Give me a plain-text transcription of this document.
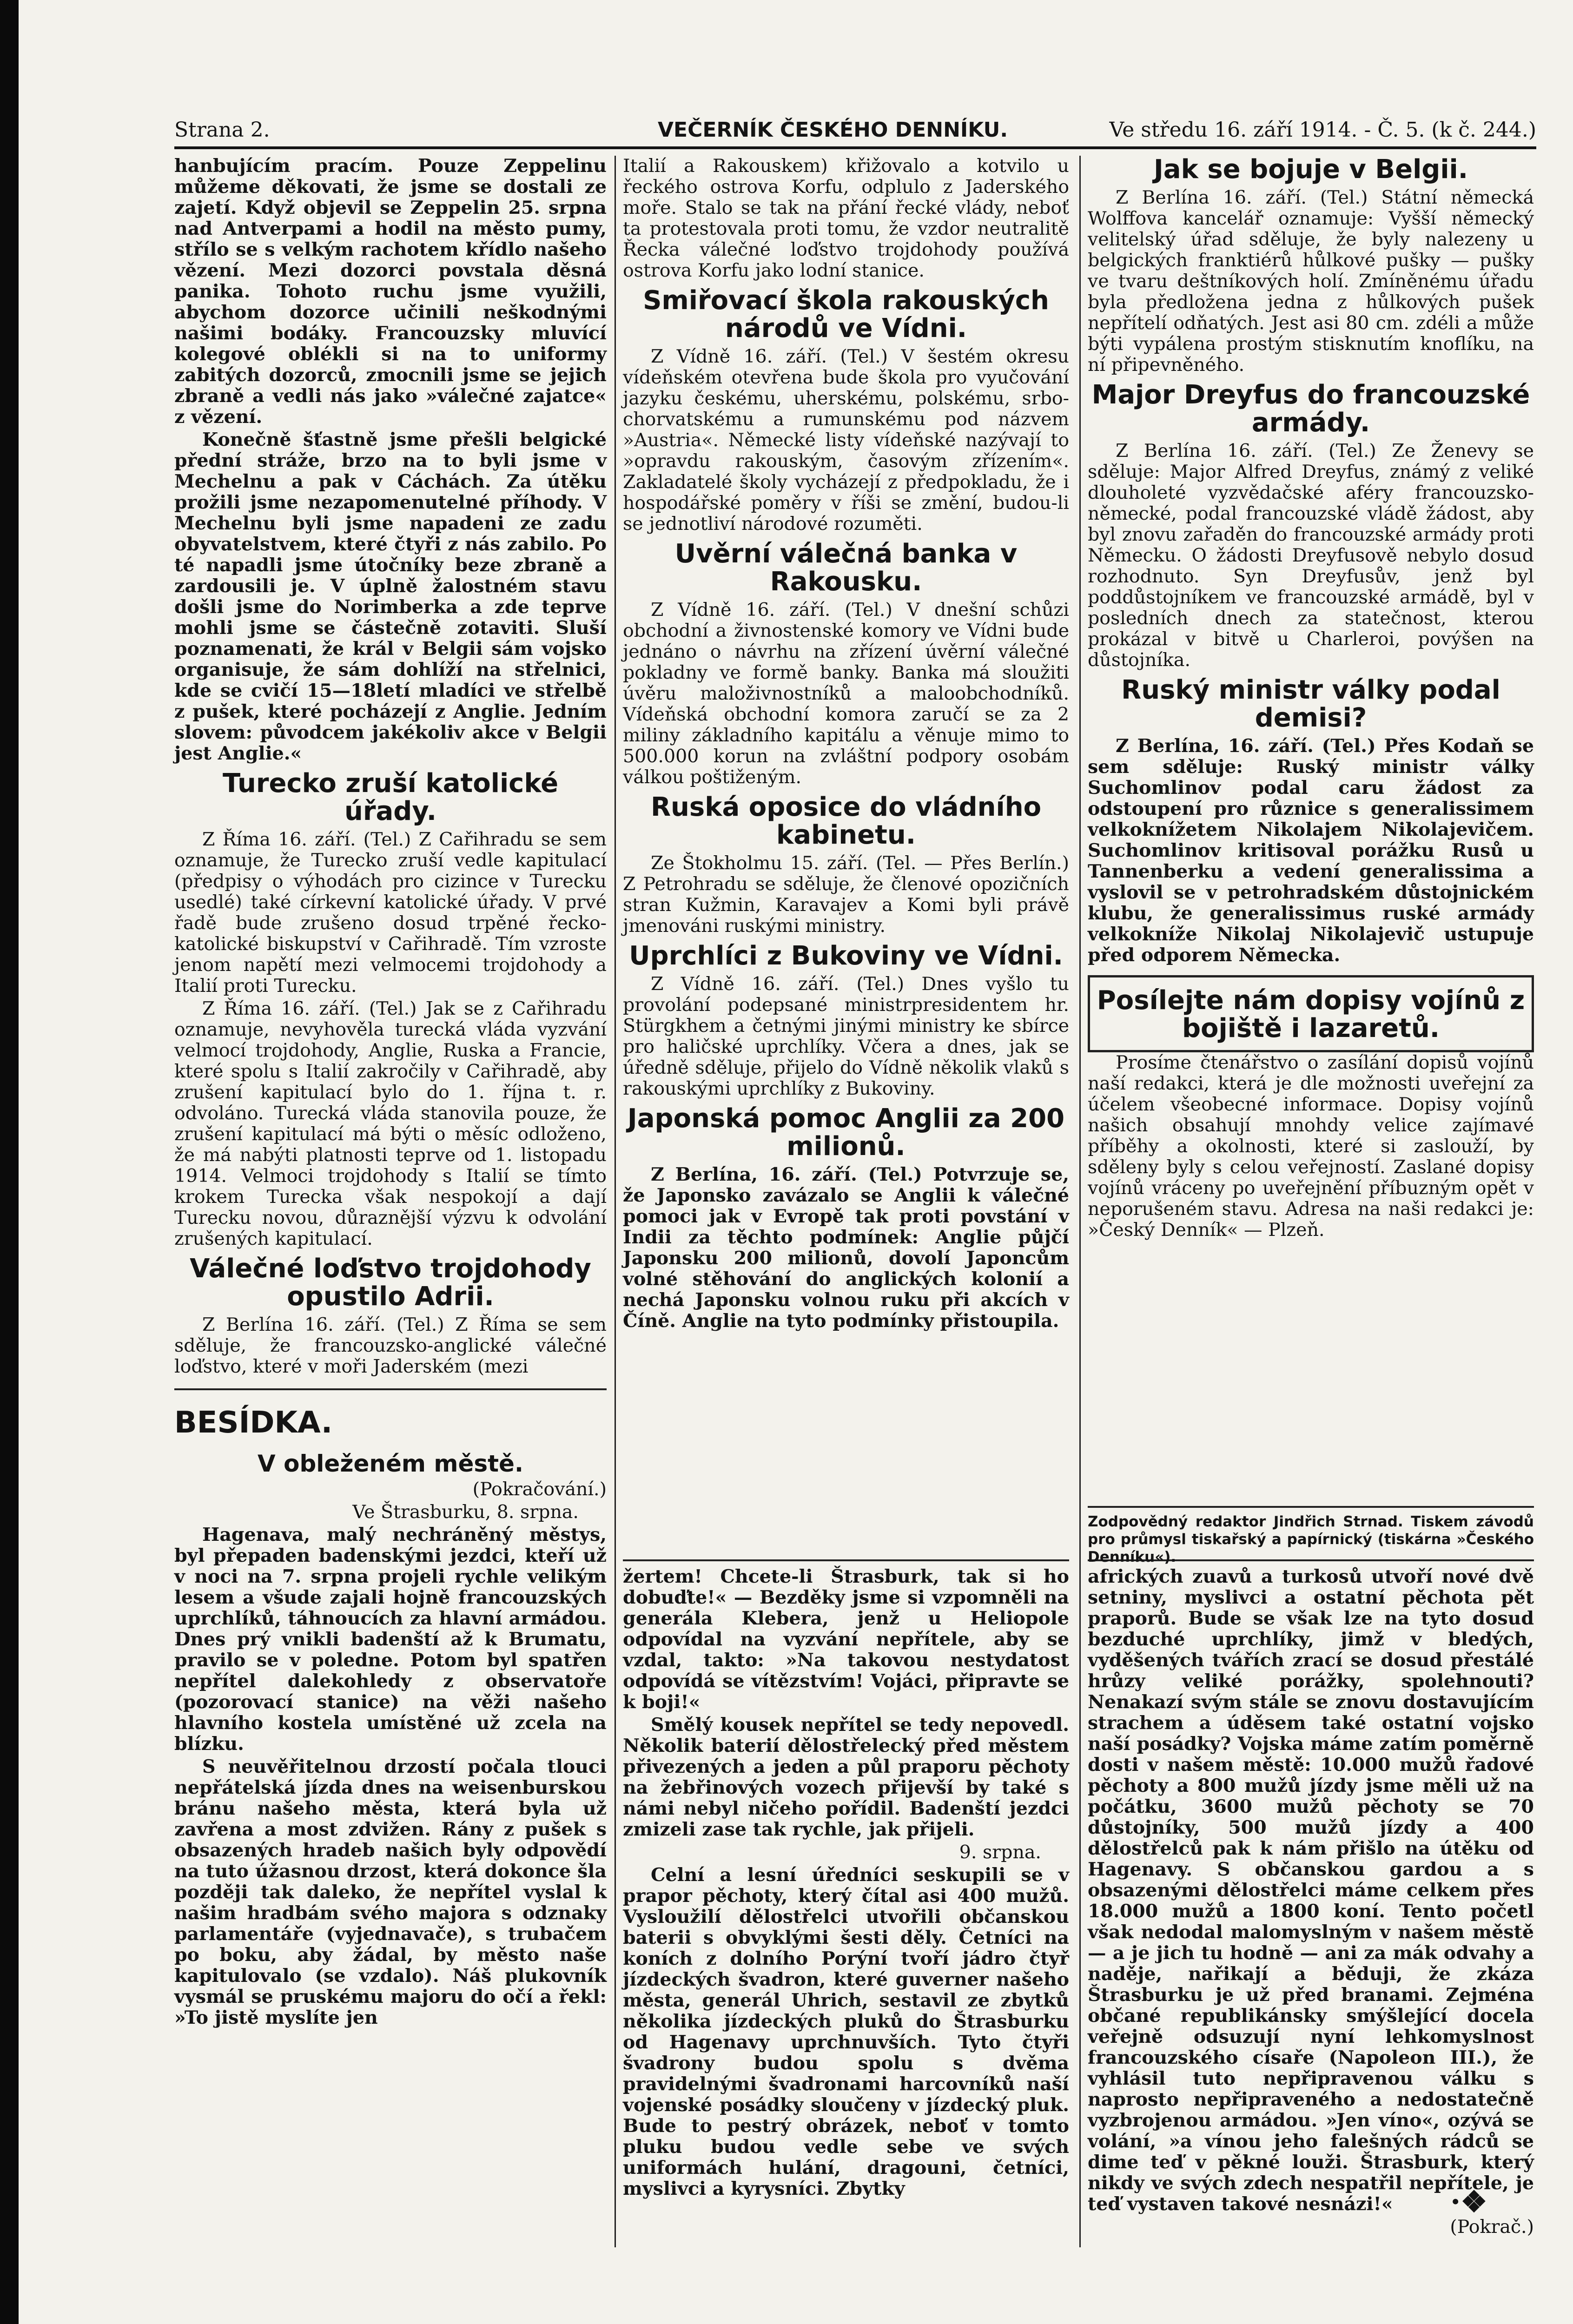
Strana 2.	VEČERNÍK ČESKÉHO DENNÍKU.	Ve středu 16. září 1914. - Č. 5. (k č. 244.)

hanbujícím pracím. Pouze Zeppelinu můžeme děkovati, že jsme se dostali ze zajetí. Když objevil se Zeppelin 25. srpna nad Antverpami a hodil na město pumy, střílo se s velkým rachotem křídlo našeho vězení. Mezi dozorci povstala děsná panika. Tohoto ruchu jsme využili, abychom dozorce učinili neškodnými našimi bodáky. Francouzsky mluvící kolegové oblékli si na to uniformy zabitých dozorců, zmocnili jsme se jejich zbraně a vedli nás jako »válečné zajatce« z vězení.

Konečně šťastně jsme přešli belgické přední stráže, brzo na to byli jsme v Mechelnu a pak v Cáchách. Za útěku prožili jsme nezapomenutelné příhody. V Mechelnu byli jsme napadeni ze zadu obyvatelstvem, které čtyři z nás zabilo. Po té napadli jsme útočníky beze zbraně a zardousili je. V úplně žalostném stavu došli jsme do Norimberka a zde teprve mohli jsme se částečně zotaviti. Sluší poznamenati, že král v Belgii sám vojsko organisuje, že sám dohlíží na střelnici, kde se cvičí 15—18letí mladíci ve střelbě z pušek, které pocházejí z Anglie. Jedním slovem: původcem jakékoliv akce v Belgii jest Anglie.«

Turecko zruší katolické úřady.

Z Říma 16. září. (Tel.) Z Cařihradu se sem oznamuje, že Turecko zruší vedle kapitulací (předpisy o výhodách pro cizince v Turecku usedlé) také církevní katolické úřady. V prvé řadě bude zrušeno dosud trpěné řecko-katolické biskupství v Cařihradě. Tím vzroste jenom napětí mezi velmocemi trojdohody a Italií proti Turecku.

Z Říma 16. září. (Tel.) Jak se z Cařihradu oznamuje, nevyhověla turecká vláda vyzvání velmocí trojdohody, Anglie, Ruska a Francie, které spolu s Italií zakročily v Cařihradě, aby zrušení kapitulací bylo do 1. října t. r. odvoláno. Turecká vláda stanovila pouze, že zrušení kapitulací má býti o měsíc odloženo, že má nabýti platnosti teprve od 1. listopadu 1914. Velmoci trojdohody s Italií se tímto krokem Turecka však nespokojí a dají Turecku novou, důraznější výzvu k odvolání zrušených kapitulací.

Válečné loďstvo trojdohody opustilo Adrii.

Z Berlína 16. září. (Tel.) Z Říma se sem sděluje, že francouzsko-anglické válečné loďstvo, které v moři Jaderském (mezi

BESÍDKA.
V obleženém městě.

(Pokračování.)

Ve Štrasburku, 8. srpna.

Hagenava, malý nechráněný městys, byl přepaden badenskými jezdci, kteří už v noci na 7. srpna projeli rychle velikým lesem a všude zajali hojně francouzských uprchlíků, táhnoucích za hlavní armádou. Dnes prý vnikli badenští až k Brumatu, pravilo se v poledne. Potom byl spatřen nepřítel dalekohledy z observatoře (pozorovací stanice) na věži našeho hlavního kostela umístěné už zcela na blízku.

S neuvěřitelnou drzostí počala tlouci nepřátelská jízda dnes na weisenburskou bránu našeho města, která byla už zavřena a most zdvižen. Rány z pušek s obsazených hradeb našich byly odpovědí na tuto úžasnou drzost, která dokonce šla později tak daleko, že nepřítel vyslal k našim hradbám svého majora s odznaky parlamentáře (vyjednavače), s trubačem po boku, aby žádal, by město naše kapitulovalo (se vzdalo). Náš plukovník vysmál se pruskému majoru do očí a řekl: »To jistě myslíte jen

Italií a Rakouskem) křižovalo a kotvilo u řeckého ostrova Korfu, odplulo z Jaderského moře. Stalo se tak na přání řecké vlády, neboť ta protestovala proti tomu, že vzdor neutralitě Řecka válečné loďstvo trojdohody používá ostrova Korfu jako lodní stanice.

Smiřovací škola rakouských národů ve Vídni.

Z Vídně 16. září. (Tel.) V šestém okresu vídeňském otevřena bude škola pro vyučování jazyku českému, uherskému, polskému, srbo-chorvatskému a rumunskému pod názvem »Austria«. Německé listy vídeňské nazývají to »opravdu rakouským, časovým zřízením«. Zakladatelé školy vycházejí z předpokladu, že i hospodářské poměry v říši se změní, budou-li se jednotliví národové rozuměti.

Uvěrní válečná banka v Rakousku.

Z Vídně 16. září. (Tel.) V dnešní schůzi obchodní a živnostenské komory ve Vídni bude jednáno o návrhu na zřízení úvěrní válečné pokladny ve formě banky. Banka má sloužiti úvěru maloživnostníků a maloobchodníků. Vídeňská obchodní komora zaručí se za 2 miliny základního kapitálu a věnuje mimo to 500.000 korun na zvláštní podpory osobám válkou poštiženým.

Ruská oposice do vládního kabinetu.

Ze Štokholmu 15. září. (Tel. — Přes Berlín.) Z Petrohradu se sděluje, že členové opozičních stran Kužmin, Karavajev a Komi byli právě jmenováni ruskými ministry.

Uprchlíci z Bukoviny ve Vídni.

Z Vídně 16. září. (Tel.) Dnes vyšlo tu provolání podepsané ministrpresidentem hr. Stürgkhem a četnými jinými ministry ke sbírce pro haličské uprchlíky. Včera a dnes, jak se úředně sděluje, přijelo do Vídně několik vlaků s rakouskými uprchlíky z Bukoviny.

Japonská pomoc Anglii za 200 milionů.

Z Berlína, 16. září. (Tel.) Potvrzuje se, že Japonsko zavázalo se Anglii k válečné pomoci jak v Evropě tak proti povstání v Indii za těchto podmínek: Anglie půjčí Japonsku 200 milionů, dovolí Japoncům volné stěhování do anglických kolonií a nechá Japonsku volnou ruku při akcích v Číně. Anglie na tyto podmínky přistoupila.

žertem! Chcete-li Štrasburk, tak si ho dobuďte!« — Bezděky jsme si vzpomněli na generála Klebera, jenž u Heliopole odpovídal na vyzvání nepřítele, aby se vzdal, takto: »Na takovou nestydatost odpovídá se vítězstvím! Vojáci, připravte se k boji!«

Smělý kousek nepřítel se tedy nepovedl. Několik baterií dělostřelecký před městem přivezených a jeden a půl praporu pěchoty na žebřinových vozech přijevší by také s námi nebyl ničeho pořídil. Badenští jezdci zmizeli zase tak rychle, jak přijeli.

9. srpna.

Celní a lesní úředníci seskupili se v prapor pěchoty, který čítal asi 400 mužů. Vysloužilí dělostřelci utvořili občanskou baterii s obvyklými šesti děly. Četníci na koních z dolního Porýní tvoří jádro čtyř jízdeckých švadron, které guverner našeho města, generál Uhrich, sestavil ze zbytků několika jízdeckých pluků do Štrasburku od Hagenavy uprchnuvších. Tyto čtyři švadrony budou spolu s dvěma pravidelnými švadronami harcovníků naší vojenské posádky sloučeny v jízdecký pluk. Bude to pestrý obrázek, neboť v tomto pluku budou vedle sebe ve svých uniformách hulání, dragouni, četníci, myslivci a kyrysníci. Zbytky

Jak se bojuje v Belgii.

Z Berlína 16. září. (Tel.) Státní německá Wolffova kancelář oznamuje: Vyšší německý velitelský úřad sděluje, že byly nalezeny u belgických franktiérů hůlkové pušky — pušky ve tvaru deštníkových holí. Zmíněnému úřadu byla předložena jedna z hůlkových pušek nepřítelí odňatých. Jest asi 80 cm. zdéli a může býti vypálena prostým stisknutím knoflíku, na ní připevněného.

Major Dreyfus do francouzské armády.

Z Berlína 16. září. (Tel.) Ze Ženevy se sděluje: Major Alfred Dreyfus, známý z veliké dlouholeté vyzvědačské aféry francouzsko-německé, podal francouzské vládě žádost, aby byl znovu zařaděn do francouzské armády proti Německu. O žádosti Dreyfusově nebylo dosud rozhodnuto. Syn Dreyfusův, jenž byl poddůstojníkem ve francouzské armádě, byl v posledních dnech za statečnost, kterou prokázal v bitvě u Charleroi, povýšen na důstojníka.

Ruský ministr války podal demisi?

Z Berlína, 16. září. (Tel.) Přes Kodaň se sem sděluje: Ruský ministr války Suchomlinov podal caru žádost za odstoupení pro různice s generalissimem velkoknížetem Nikolajem Nikolajevičem. Suchomlinov kritisoval porážku Rusů u Tannenberku a vedení generalissima a vyslovil se v petrohradském důstojnickém klubu, že generalissimus ruské armády velkokníže Nikolaj Nikolajevič ustupuje před odporem Německa.

Posílejte nám dopisy vojínů z bojiště i lazaretů.

Prosíme čtenářstvo o zasílání dopisů vojínů naší redakci, která je dle možnosti uveřejní za účelem všeobecné informace. Dopisy vojínů našich obsahují mnohdy velice zajímavé příběhy a okolnosti, které si zaslouží, by sděleny byly s celou veřejností. Zaslané dopisy vojínů vráceny po uveřejnění příbuzným opět v neporušeném stavu. Adresa na naši redakci je: »Český Denník« — Plzeň.

Zodpovědný redaktor Jindřich Strnad. Tiskem závodů pro průmysl tiskařský a papírnický (tiskárna »Českého Denníku«).

afrických zuavů a turkosů utvoří nové dvě setniny, myslivci a ostatní pěchota pět praporů. Bude se však lze na tyto dosud bezduché uprchlíky, jimž v bledých, vyděšených tvářích zrací se dosud přestálé hrůzy veliké porážky, spolehnouti? Nenakazí svým stále se znovu dostavujícím strachem a úděsem také ostatní vojsko naší posádky? Vojska máme zatím poměrně dosti v našem městě: 10.000 mužů řadové pěchoty a 800 mužů jízdy jsme měli už na počátku, 3600 mužů pěchoty se 70 důstojníky, 500 mužů jízdy a 400 dělostřelců pak k nám přišlo na útěku od Hagenavy. S občanskou gardou a s obsazenými dělostřelci máme celkem přes 18.000 mužů a 1800 koní. Tento početl však nedodal malomyslným v našem městě — a je jich tu hodně — ani za mák odvahy a naděje, nařikají a běduji, že zkáza Štrasburku je už před branami. Zejména občané republikánsky smýšlející docela veřejně odsuzují nyní lehkomyslnost francouzského císaře (Napoleon III.), že vyhlásil tuto nepřipravenou válku s naprosto nepřipraveného a nedostatečně vyzbrojenou armádou. »Jen víno«, ozývá se volání, »a vínou jeho falešných rádců se dime teď v pěkné louži. Štrasburk, který nikdy ve svých zdech nespatřil nepřítele, je teď vystaven takové nesnázi!«

(Pokrač.)

·❖
